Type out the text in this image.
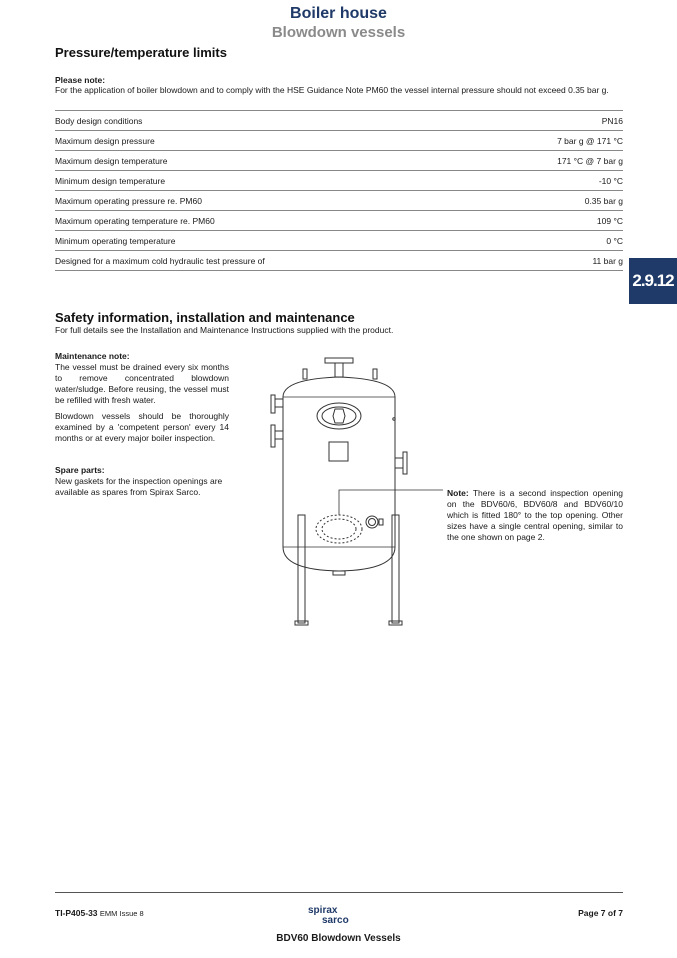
Boiler house
Blowdown vessels
Pressure/temperature limits
Please note:
For the application of boiler blowdown and to comply with the HSE Guidance Note PM60 the vessel internal pressure should not exceed 0.35 bar g.
Body design conditions	PN16
Maximum design pressure	7 bar g @ 171 °C
Maximum design temperature	171 °C @ 7 bar g
Minimum design temperature	-10 °C
Maximum operating pressure re. PM60	0.35 bar g
Maximum operating temperature re. PM60	109 °C
Minimum operating temperature	0 °C
Designed for a maximum cold hydraulic test pressure of	11 bar g
2.9.12
Safety information, installation and maintenance
For full details see the Installation and Maintenance Instructions supplied with the product.
Maintenance note:
The vessel must be drained every six months to remove concentrated blowdown water/sludge. Before reusing, the vessel must be refilled with fresh water.
Blowdown vessels should be thoroughly examined by a 'competent person' every 14 months or at every major boiler inspection.
Spare parts:
New gaskets for the inspection openings are available as spares from Spirax Sarco.	Note: There is a second inspection opening on the BDV60/6, BDV60/8 and BDV60/10 which is fitted 180° to the top opening. Other sizes have a single central opening, similar to the one shown on page 2.
TI-P405-33 EMM Issue 8	spirax
sarco
Page 7 of 7
BDV60 Blowdown Vessels
